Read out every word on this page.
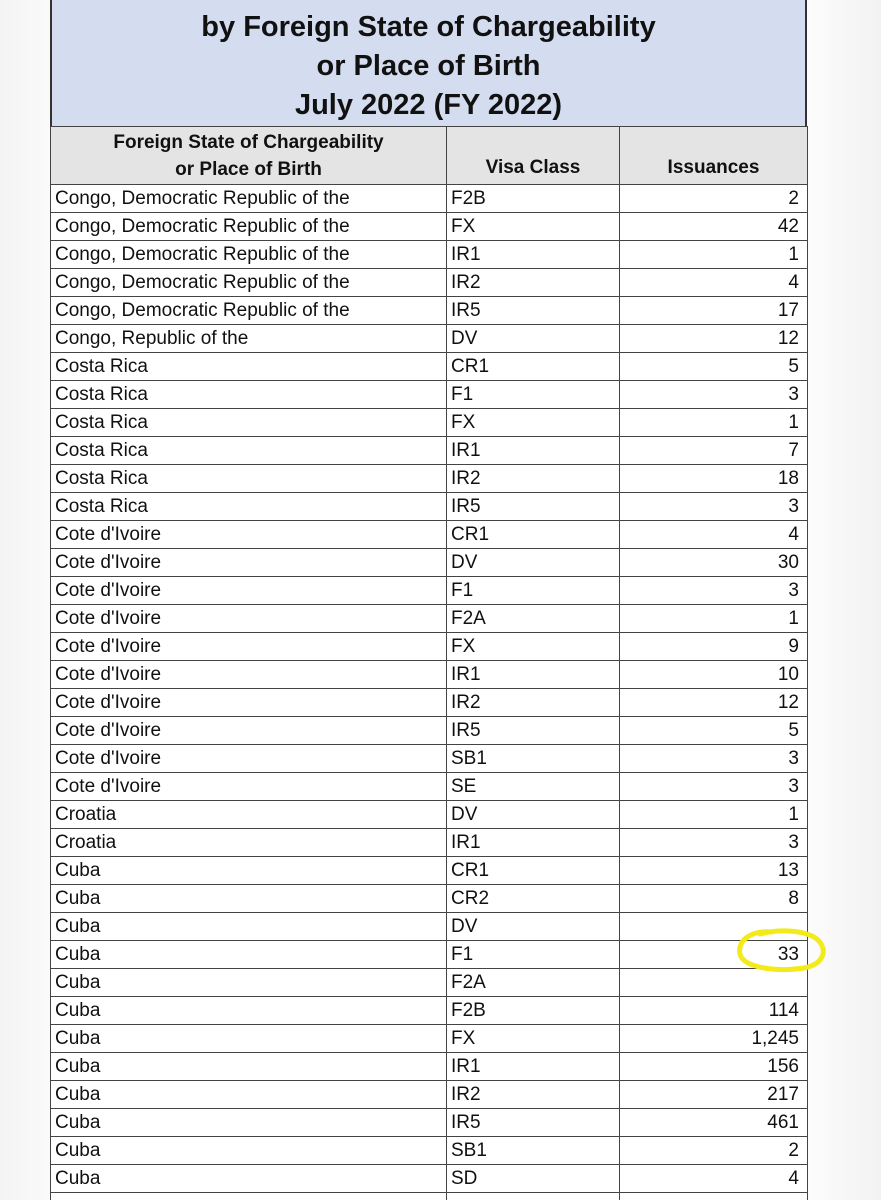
by Foreign State of Chargeability
or Place of Birth
July 2022 (FY 2022)
Foreign State of Chargeability
or Place of Birth	Visa Class	Issuances
Congo, Democratic Republic of the	F2B	2
Congo, Democratic Republic of the	FX	42
Congo, Democratic Republic of the	IR1	1
Congo, Democratic Republic of the	IR2	4
Congo, Democratic Republic of the	IR5	17
Congo, Republic of the	DV	12
Costa Rica	CR1	5
Costa Rica	F1	3
Costa Rica	FX	1
Costa Rica	IR1	7
Costa Rica	IR2	18
Costa Rica	IR5	3
Cote d'Ivoire	CR1	4
Cote d'Ivoire	DV	30
Cote d'Ivoire	F1	3
Cote d'Ivoire	F2A	1
Cote d'Ivoire	FX	9
Cote d'Ivoire	IR1	10
Cote d'Ivoire	IR2	12
Cote d'Ivoire	IR5	5
Cote d'Ivoire	SB1	3
Cote d'Ivoire	SE	3
Croatia	DV	1
Croatia	IR1	3
Cuba	CR1	13
Cuba	CR2	8
Cuba	DV	
Cuba	F1	33
Cuba	F2A	
Cuba	F2B	114
Cuba	FX	1,245
Cuba	IR1	156
Cuba	IR2	217
Cuba	IR5	461
Cuba	SB1	2
Cuba	SD	4
